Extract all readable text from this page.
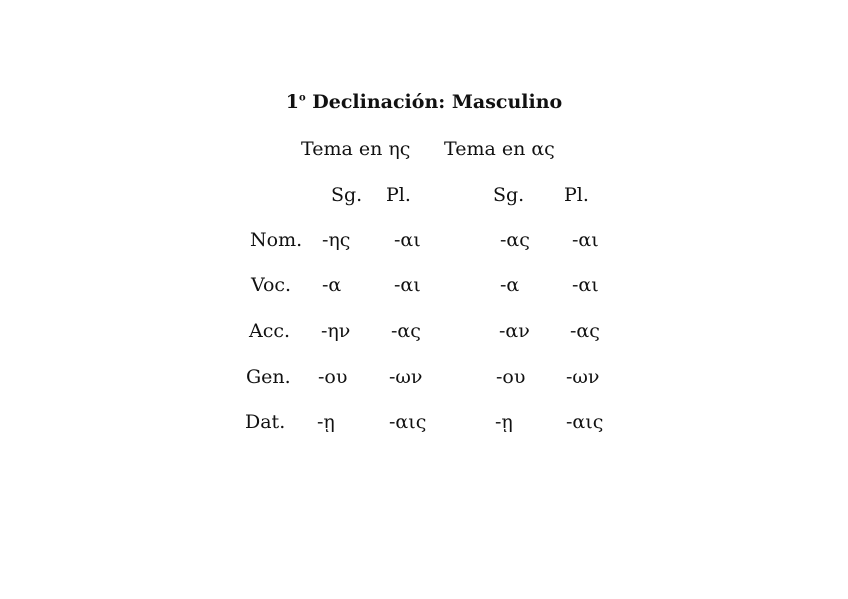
1$^o$ Declinación: Masculino
Tema en ης Tema en ας
Sg. Pl.	Sg. Pl.
Nom. -ης -αι	-ας -αι
Voc. -α	-αι	-α	-αι
Acc. -ην -ας	-αν -ας
Gen. -ου -ων	-ου -ων
Dat. -ῃ	-αις	-ῃ	-αις
